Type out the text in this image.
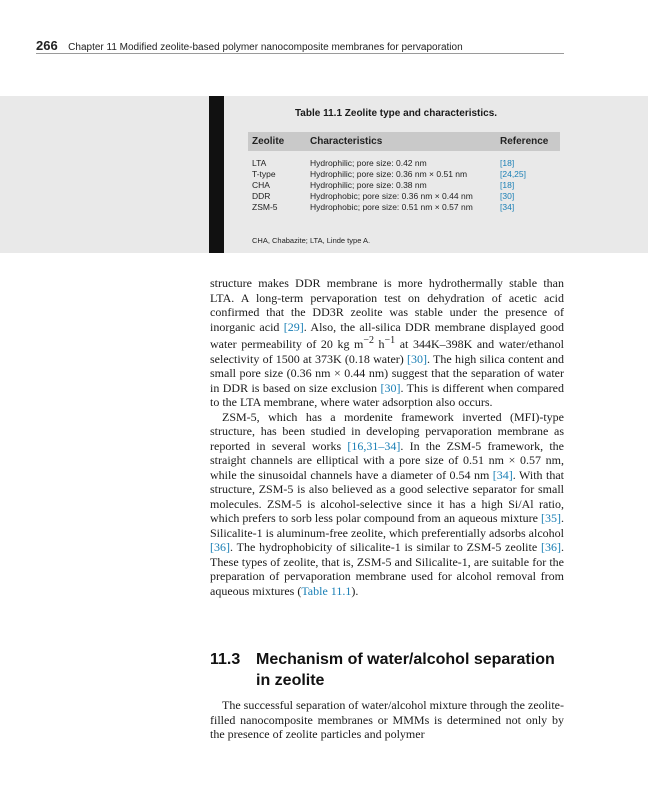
266 Chapter 11 Modified zeolite-based polymer nanocomposite membranes for pervaporation
Table 11.1 Zeolite type and characteristics.
Zeolite	Characteristics	Reference
LTA	Hydrophilic; pore size: 0.42 nm	[18]
T-type	Hydrophilic; pore size: 0.36 nm × 0.51 nm	[24,25]
CHA	Hydrophilic; pore size: 0.38 nm	[18]
DDR	Hydrophobic; pore size: 0.36 nm × 0.44 nm	[30]
ZSM-5	Hydrophobic; pore size: 0.51 nm × 0.57 nm	[34]
CHA, Chabazite; LTA, Linde type A.

structure makes DDR membrane is more hydrothermally stable than LTA. A long-term pervaporation test on dehydration of acetic acid confirmed that the DD3R zeolite was stable under the presence of inorganic acid [29]. Also, the all-silica DDR membrane displayed good water permeability of 20 kg $m^{-2}$ $h^{-1}$ at 344K–398K and water/ethanol selectivity of 1500 at 373K (0.18 water) [30]. The high silica content and small pore size (0.36 nm × 0.44 nm) suggest that the separation of water in DDR is based on size exclusion [30]. This is different when compared to the LTA membrane, where water adsorption also occurs.

ZSM-5, which has a mordenite framework inverted (MFI)-type structure, has been studied in developing pervaporation membrane as reported in several works [16,31–34]. In the ZSM-5 framework, the straight channels are elliptical with a pore size of 0.51 nm × 0.57 nm, while the sinusoidal channels have a diameter of 0.54 nm [34]. With that structure, ZSM-5 is also believed as a good selective separator for small molecules. ZSM-5 is alcohol-selective since it has a high Si/Al ratio, which prefers to sorb less polar compound from an aqueous mixture [35]. Silicalite-1 is aluminum-free zeolite, which preferentially adsorbs alcohol [36]. The hydrophobicity of silicalite-1 is similar to ZSM-5 zeolite [36]. These types of zeolite, that is, ZSM-5 and Silicalite-1, are suitable for the preparation of pervaporation membrane used for alcohol removal from aqueous mixtures (Table 11.1).

11.3 Mechanism of water/alcohol separation
in zeolite

The successful separation of water/alcohol mixture through the zeolite-filled nanocomposite membranes or MMMs is determined not only by the presence of zeolite particles and polymer
